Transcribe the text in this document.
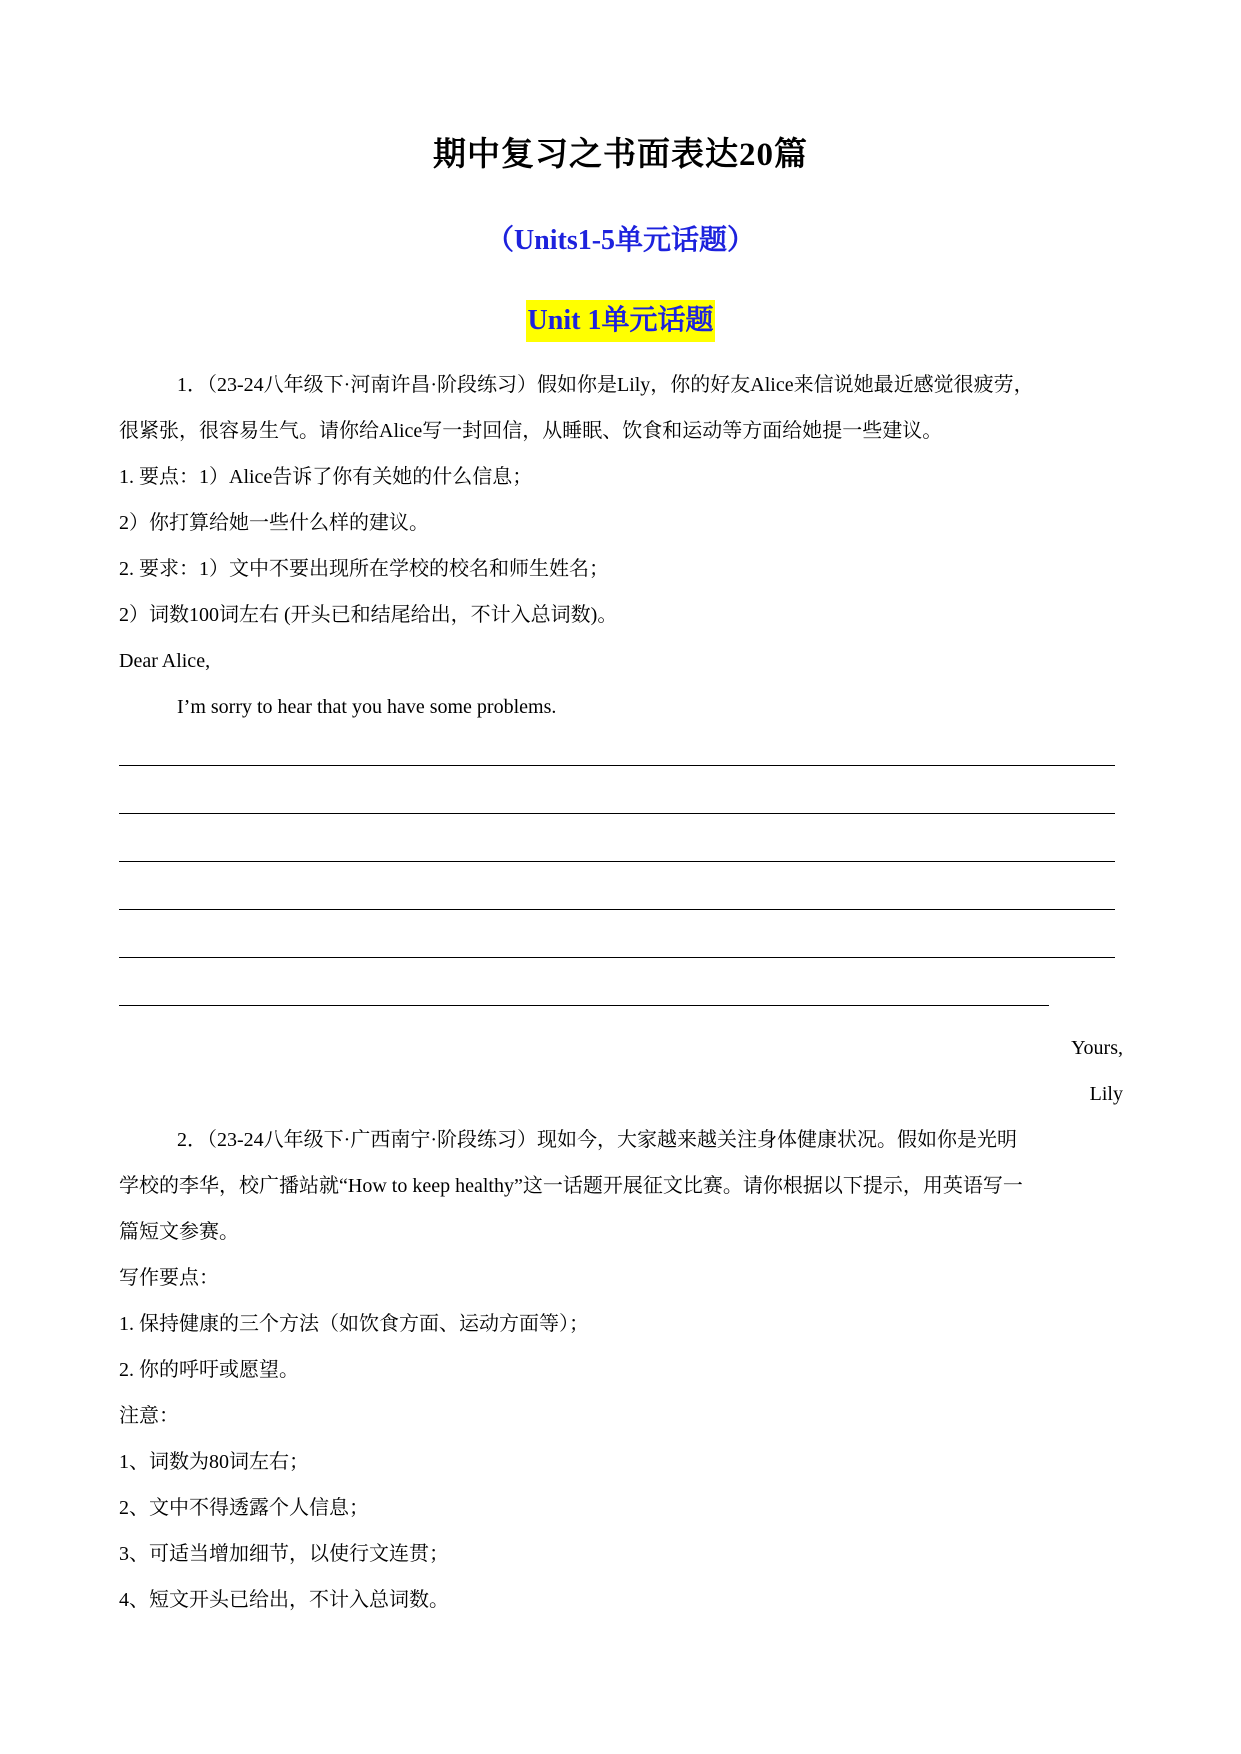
期中复习之书面表达20篇
（Units1-5单元话题）
Unit 1单元话题
1．（23-24八年级下·河南许昌·阶段练习）假如你是Lily，你的好友Alice来信说她最近感觉很疲劳，
很紧张，很容易生气。请你给Alice写一封回信，从睡眠、饮食和运动等方面给她提一些建议。
1. 要点：1）Alice告诉了你有关她的什么信息；
2）你打算给她一些什么样的建议。
2. 要求：1）文中不要出现所在学校的校名和师生姓名；
2）词数100词左右 (开头已和结尾给出，不计入总词数)。
Dear Alice,
I’m sorry to hear that you have some problems.
Yours,
Lily
2．（23-24八年级下·广西南宁·阶段练习）现如今，大家越来越关注身体健康状况。假如你是光明
学校的李华，校广播站就“How to keep healthy”这一话题开展征文比赛。请你根据以下提示，用英语写一
篇短文参赛。
写作要点：
1. 保持健康的三个方法（如饮食方面、运动方面等）；
2. 你的呼吁或愿望。
注意：
1、词数为80词左右；
2、文中不得透露个人信息；
3、可适当增加细节，以使行文连贯；
4、短文开头已给出，不计入总词数。
